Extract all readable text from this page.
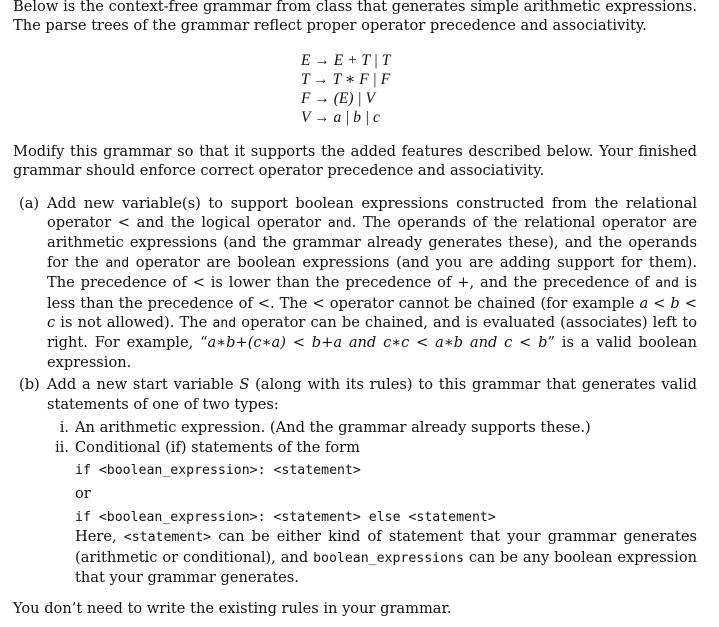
Below is the context-free grammar from class that generates simple arithmetic expressions. The parse trees of the grammar reflect proper operator precedence and associativity.

E → E + T | T
T → T ∗ F | F
F → (E) | V
V → a | b | c

Modify this grammar so that it supports the added features described below. Your finished grammar should enforce correct operator precedence and associativity.

(a) Add new variable(s) to support boolean expressions constructed from the relational operator < and the logical operator and. The operands of the relational operator are arithmetic expressions (and the grammar already generates these), and the operands for the and operator are boolean expressions (and you are adding support for them). The precedence of < is lower than the precedence of +, and the precedence of and is less than the precedence of <. The < operator cannot be chained (for example a < b < c is not allowed). The and operator can be chained, and is evaluated (associates) left to right. For example, “a∗b+(c∗a) < b+a and c∗c < a∗b and c < b” is a valid boolean expression.
(b) Add a new start variable S (along with its rules) to this grammar that generates valid statements of one of two types:
i. An arithmetic expression. (And the grammar already supports these.)
ii. Conditional (if) statements of the form
if <boolean_expression>: <statement>
or
if <boolean_expression>: <statement> else <statement>
Here, <statement> can be either kind of statement that your grammar generates (arithmetic or conditional), and boolean_expressions can be any boolean expression that your grammar generates.

You don’t need to write the existing rules in your grammar.
